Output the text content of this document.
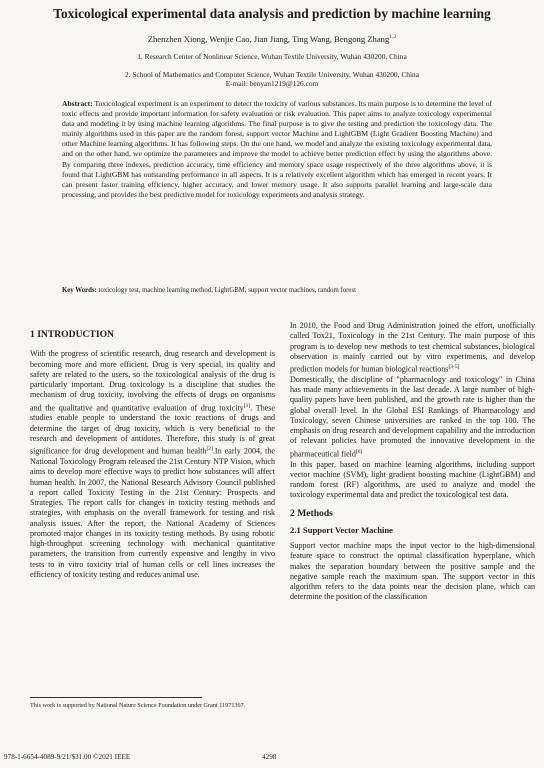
Toxicological experimental data analysis and prediction by machine learning
Zhenzhen Xiong, Wenjie Cao, Jian Jiang, Ting Wang, Bengong Zhang$^{1,2}$
1. Research Center of Nonlinear Science, Wuhan Textile University, Wuhan 430200, China
2. School of Mathematics and Computer Science, Wuhan Textile University, Wuhan 430200, China
E-mail: benyan1219@126.com
Abstract: Toxicological experiment is an experiment to detect the toxicity of various substances. Its main purpose is to determine the level of toxic effects and provide important information for safety evaluation or risk evaluation. This paper aims to analyze toxicology experimental data and modeling it by using machine learning algorithms. The final purpose is to give the testing and prediction the toxicology data. The mainly algorithms used in this paper are the random forest, support vector Machine and LightGBM (Light Gradient Boosting Machine) and other Machine learning algorithms. It has following steps. On the one hand, we model and analyze the existing toxicology experimental data, and on the other hand, we optimize the parameters and improve the model to achieve better prediction effect by using the algorithms above. By comparing three indexes, prediction accuracy, time efficiency and memory space usage respectively of the three algorithms above, it is found that LightGBM has outstanding performance in all aspects. It is a relatively excellent algorithm which has emerged in recent years. It can present faster training efficiency, higher accuracy, and lower memory usage. It also supports parallel learning and large-scale data processing, and provides the best predictive model for toxicology experiments and analysis strategy.
Key Words: toxicology test, machine learning method, LightGBM, support vector machines, random forest

1 INTRODUCTION

With the progress of scientific research, drug research and development is becoming more and more efficient. Drug is very special, its quality and safety are related to the users, so the toxicological analysis of the drug is particularly important. Drug toxicology is a discipline that studies the mechanism of drug toxicity, involving the effects of drugs on organisms and the qualitative and quantitative evaluation of drug toxicity[1]. These studies enable people to understand the toxic reactions of drugs and determine the target of drug toxicity, which is very beneficial to the research and development of antidotes. Therefore, this study is of great significance for drug development and human health[2].In early 2004, the National Toxicology Program released the 21st Century NTP Vision, which aims to develop more effective ways to predict how substances will affect human health. In 2007, the National Research Advisory Council published a report called Toxicity Testing in the 21st Century: Prospects and Strategies. The report calls for changes in toxicity testing methods and strategies, with emphasis on the overall framework for testing and risk analysis issues. After the report, the National Academy of Sciences promoted major changes in its toxicity testing methods. By using robotic high-throughput screening technology with mechanical quantitative parameters, the transition from currently expensive and lengthy in vivo tests to in vitro toxicity trial of human cells or cell lines increases the efficiency of toxicity testing and reduces animal use.

In 2010, the Food and Drug Administration joined the effort, unofficially called Tox21, Toxicology in the 21st Century. The main purpose of this program is to develop new methods to test chemical substances, biological observation is mainly carried out by vitro experiments, and develop prediction models for human biological reactions[3-5]

Domestically, the discipline of "pharmacology and toxicology" in China has made many achievements in the last decade. A large number of high-quality papers have been published, and the growth rate is higher than the global overall level. In the Global ESI Rankings of Pharmacology and Toxicology, seven Chinese universities are ranked in the top 100. The emphasis on drug research and development capability and the introduction of relevant policies have promoted the innovative development in the pharmaceutical field[6]

In this paper, based on machine learning algorithms, including support vector machine (SVM), light gradient boosting machine (LightGBM) and random forest (RF) algorithms, are used to analyze and model the toxicology experimental data and predict the toxicological test data.

2 Methods

2.1 Support Vector Machine

Support vector machine maps the input vector to the high-dimensional feature space to construct the optimal classification hyperplane, which makes the separation boundary between the positive sample and the negative sample reach the maximum span. The support vector in this algorithm refers to the data points near the decision plane, which can determine the position of the classification

This work is supported by National Nature Science Foundation under Grant 11971367.
978-1-6654-4089-9/21/$31.00 ©2021 IEEE	4298
